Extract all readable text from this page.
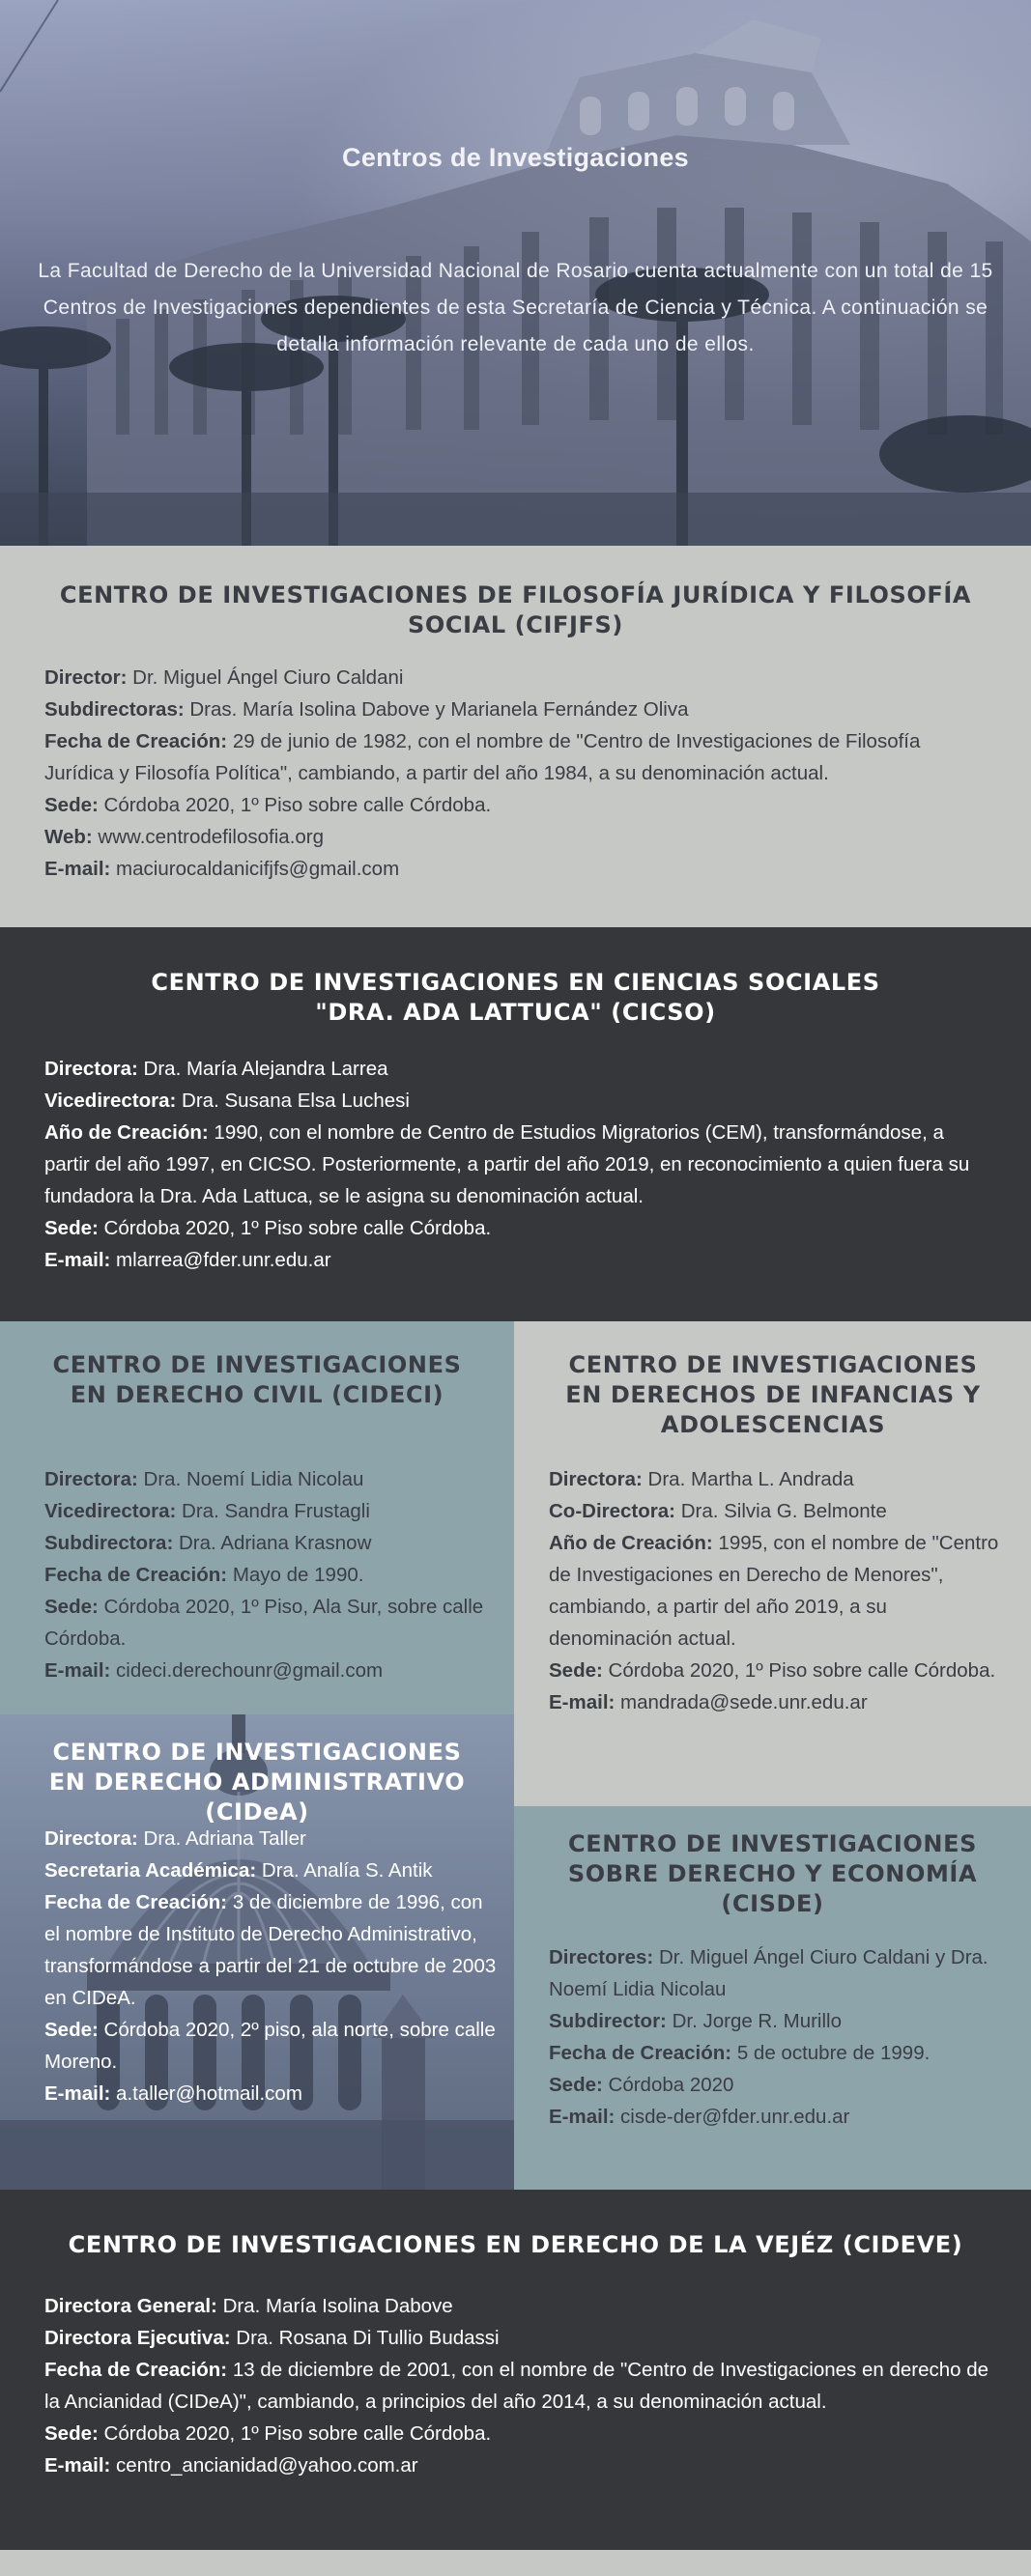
Centros de Investigaciones
La Facultad de Derecho de la Universidad Nacional de Rosario cuenta actualmente con un total de 15 Centros de Investigaciones dependientes de esta Secretaría de Ciencia y Técnica. A continuación se detalla información relevante de cada uno de ellos.
CENTRO DE INVESTIGACIONES DE FILOSOFÍA JURÍDICA Y FILOSOFÍA SOCIAL (CIFJFS)

Director: Dr. Miguel Ángel Ciuro Caldani

Subdirectoras: Dras. María Isolina Dabove y Marianela Fernández Oliva

Fecha de Creación: 29 de junio de 1982, con el nombre de "Centro de Investigaciones de Filosofía Jurídica y Filosofía Política", cambiando, a partir del año 1984, a su denominación actual.

Sede: Córdoba 2020, 1º Piso sobre calle Córdoba.

Web: www.centrodefilosofia.org

E-mail: maciurocaldanicifjfs@gmail.com

CENTRO DE INVESTIGACIONES EN CIENCIAS SOCIALES
"DRA. ADA LATTUCA" (CICSO)

Directora: Dra. María Alejandra Larrea

Vicedirectora: Dra. Susana Elsa Luchesi

Año de Creación: 1990, con el nombre de Centro de Estudios Migratorios (CEM), transformándose, a partir del año 1997, en CICSO. Posteriormente, a partir del año 2019, en reconocimiento a quien fuera su fundadora la Dra. Ada Lattuca, se le asigna su denominación actual.

Sede: Córdoba 2020, 1º Piso sobre calle Córdoba.

E-mail: mlarrea@fder.unr.edu.ar

CENTRO DE INVESTIGACIONES EN DERECHO CIVIL (CIDECI)

Directora: Dra. Noemí Lidia Nicolau

Vicedirectora: Dra. Sandra Frustagli

Subdirectora: Dra. Adriana Krasnow

Fecha de Creación: Mayo de 1990.

Sede: Córdoba 2020, 1º Piso, Ala Sur, sobre calle Córdoba.

E-mail: cideci.derechounr@gmail.com

CENTRO DE INVESTIGACIONES EN DERECHOS DE INFANCIAS Y ADOLESCENCIAS

Directora: Dra. Martha L. Andrada

Co-Directora: Dra. Silvia G. Belmonte

Año de Creación: 1995, con el nombre de "Centro de Investigaciones en Derecho de Menores", cambiando, a partir del año 2019, a su denominación actual.

Sede: Córdoba 2020, 1º Piso sobre calle Córdoba.

E-mail: mandrada@sede.unr.edu.ar

CENTRO DE INVESTIGACIONES EN DERECHO ADMINISTRATIVO (CIDeA)

Directora: Dra. Adriana Taller

Secretaria Académica: Dra. Analía S. Antik

Fecha de Creación: 3 de diciembre de 1996, con el nombre de Instituto de Derecho Administrativo, transformándose a partir del 21 de octubre de 2003 en CIDeA.

Sede: Córdoba 2020, 2º piso, ala norte, sobre calle Moreno.

E-mail: a.taller@hotmail.com

CENTRO DE INVESTIGACIONES SOBRE DERECHO Y ECONOMÍA (CISDE)

Directores: Dr. Miguel Ángel Ciuro Caldani y Dra. Noemí Lidia Nicolau

Subdirector: Dr. Jorge R. Murillo

Fecha de Creación: 5 de octubre de 1999.

Sede: Córdoba 2020

E-mail: cisde-der@fder.unr.edu.ar

CENTRO DE INVESTIGACIONES EN DERECHO DE LA VEJÉZ (CIDEVE)

Directora General: Dra. María Isolina Dabove

Directora Ejecutiva: Dra. Rosana Di Tullio Budassi

Fecha de Creación: 13 de diciembre de 2001, con el nombre de "Centro de Investigaciones en derecho de la Ancianidad (CIDeA)", cambiando, a principios del año 2014, a su denominación actual.

Sede: Córdoba 2020, 1º Piso sobre calle Córdoba.

E-mail: centro_ancianidad@yahoo.com.ar
